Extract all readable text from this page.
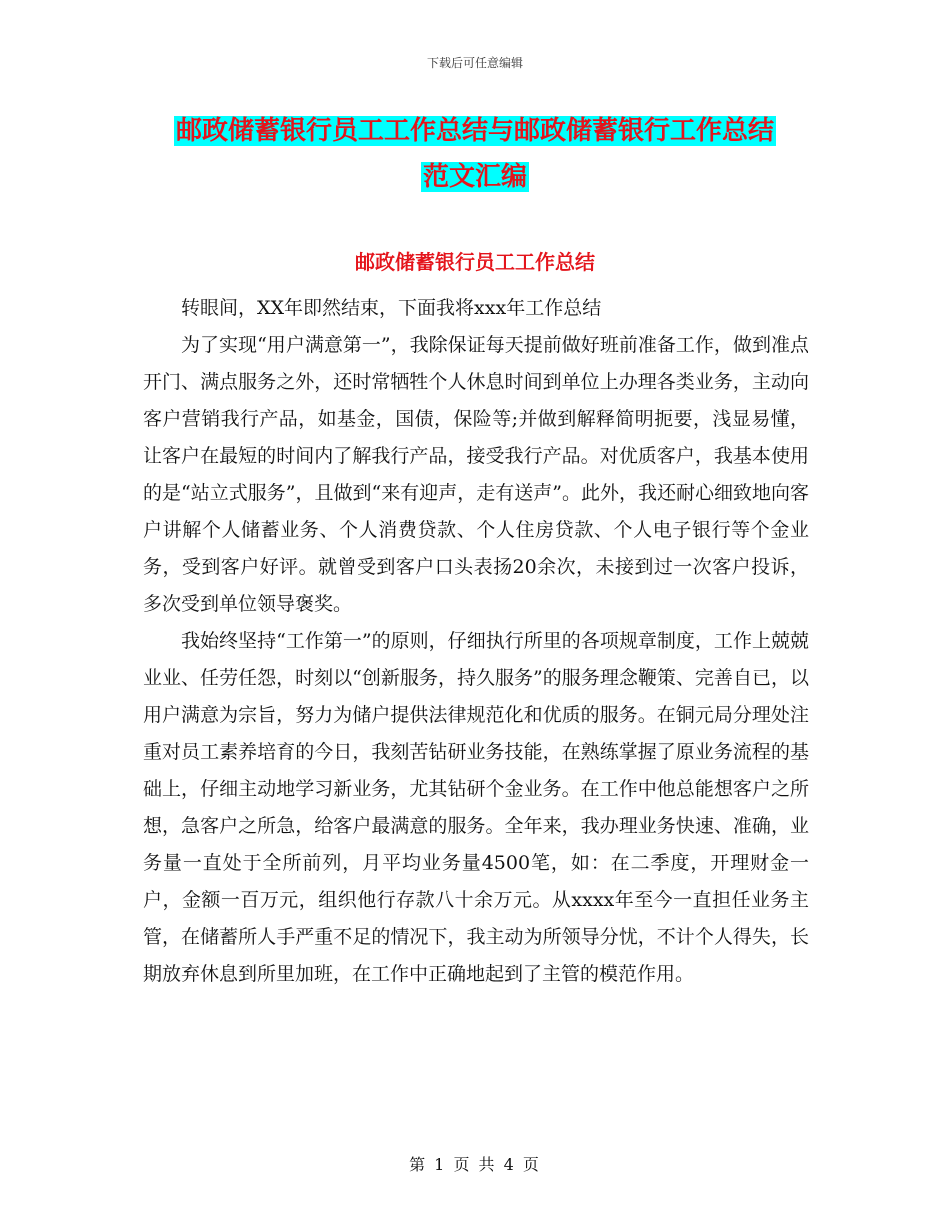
下载后可任意编辑
邮政储蓄银行员工工作总结与邮政储蓄银行工作总结
范文汇编
邮政储蓄银行员工工作总结

转眼间，XX年即然结束，下面我将xxx年工作总结

为了实现“用户满意第一”，我除保证每天提前做好班前准备工作，做到准点开门、满点服务之外，还时常牺牲个人休息时间到单位上办理各类业务，主动向客户营销我行产品，如基金，国债，保险等;并做到解释简明扼要，浅显易懂，让客户在最短的时间内了解我行产品，接受我行产品。对优质客户，我基本使用的是“站立式服务”，且做到“来有迎声，走有送声”。此外，我还耐心细致地向客户讲解个人储蓄业务、个人消费贷款、个人住房贷款、个人电子银行等个金业务，受到客户好评。就曾受到客户口头表扬20余次，未接到过一次客户投诉，多次受到单位领导褒奖。

我始终坚持“工作第一”的原则，仔细执行所里的各项规章制度，工作上兢兢业业、任劳任怨，时刻以“创新服务，持久服务”的服务理念鞭策、完善自已，以用户满意为宗旨，努力为储户提供法律规范化和优质的服务。在铜元局分理处注重对员工素养培育的今日，我刻苦钻研业务技能，在熟练掌握了原业务流程的基础上，仔细主动地学习新业务，尤其钻研个金业务。在工作中他总能想客户之所想，急客户之所急，给客户最满意的服务。全年来，我办理业务快速、准确，业务量一直处于全所前列，月平均业务量4500笔，如：在二季度，开理财金一户，金额一百万元，组织他行存款八十余万元。从xxxx年至今一直担任业务主管，在储蓄所人手严重不足的情况下，我主动为所领导分忧，不计个人得失，长期放弃休息到所里加班，在工作中正确地起到了主管的模范作用。

第 1 页 共 4 页
